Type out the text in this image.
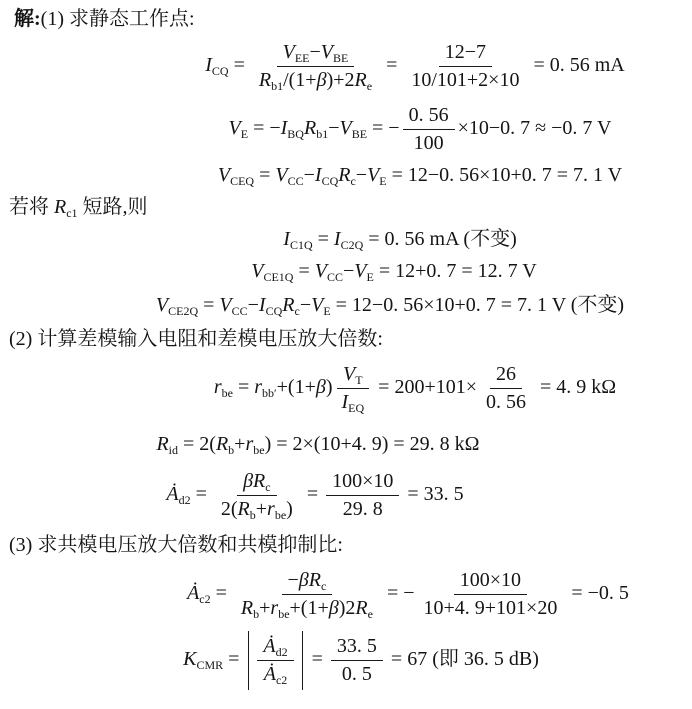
解:(1) 求静态工作点:
$I_{CQ} = \frac{V_{EE}-V_{BE}}{R_{b1}/(1+\beta)+2R_e} = \frac{12-7}{10/101+2\times 10} = 0$. 56 mA
$V_E = -I_{BQ}R_{b1}-V_{BE}$ = − $\frac{0. 56}{100} \times 10-0$. 7 ≈ −0. 7 V
$V_{CEQ} = V_{CC}-I_{CQ}R_c-V_E = 12-0$. 56×10+0. 7 = 7. 1 V
若将 $R_{c1}$ 短路,则
$I_{C1Q} = I_{C2Q} = 0$. 56 mA (不变)
$V_{CE1Q} = V_{CC}-V_E = 12+0$. 7 = 12. 7 V
$V_{CE2Q} = V_{CC}-I_{CQ}R_c-V_E = 12-0$. 56×10+0. 7 = 7. 1 V (不变)
(2) 计算差模输入电阻和差模电压放大倍数:
$r_{be} = r_{bb'}+(1+\beta) \frac{V_T}{I_{EQ}} = 200+101\times \frac{26}{0. 56} = 4$. 9 kΩ
$R_{id} = 2(R_b+r_{be}) = 2\times(10+4$. 9) = 29. 8 kΩ
$Ȧ_{d2} = \frac{\beta R_c}{2(R_b+r_{be})} = \frac{100\times 10}{29. 8} = 33$. 5
(3) 求共模电压放大倍数和共模抑制比:
$Ȧ_{c2} = \frac{-\beta R_c}{R_b+r_{be}+(1+\beta)2R_e}$ = − $\frac{100\times 10}{10+4. 9+101\times 20} = -0$. 5
$K_{CMR} = \frac{Ȧ_{d2}}{Ȧ_{c2}} = \frac{33. 5}{0. 5} = 67$ (即 36. 5 dB)
